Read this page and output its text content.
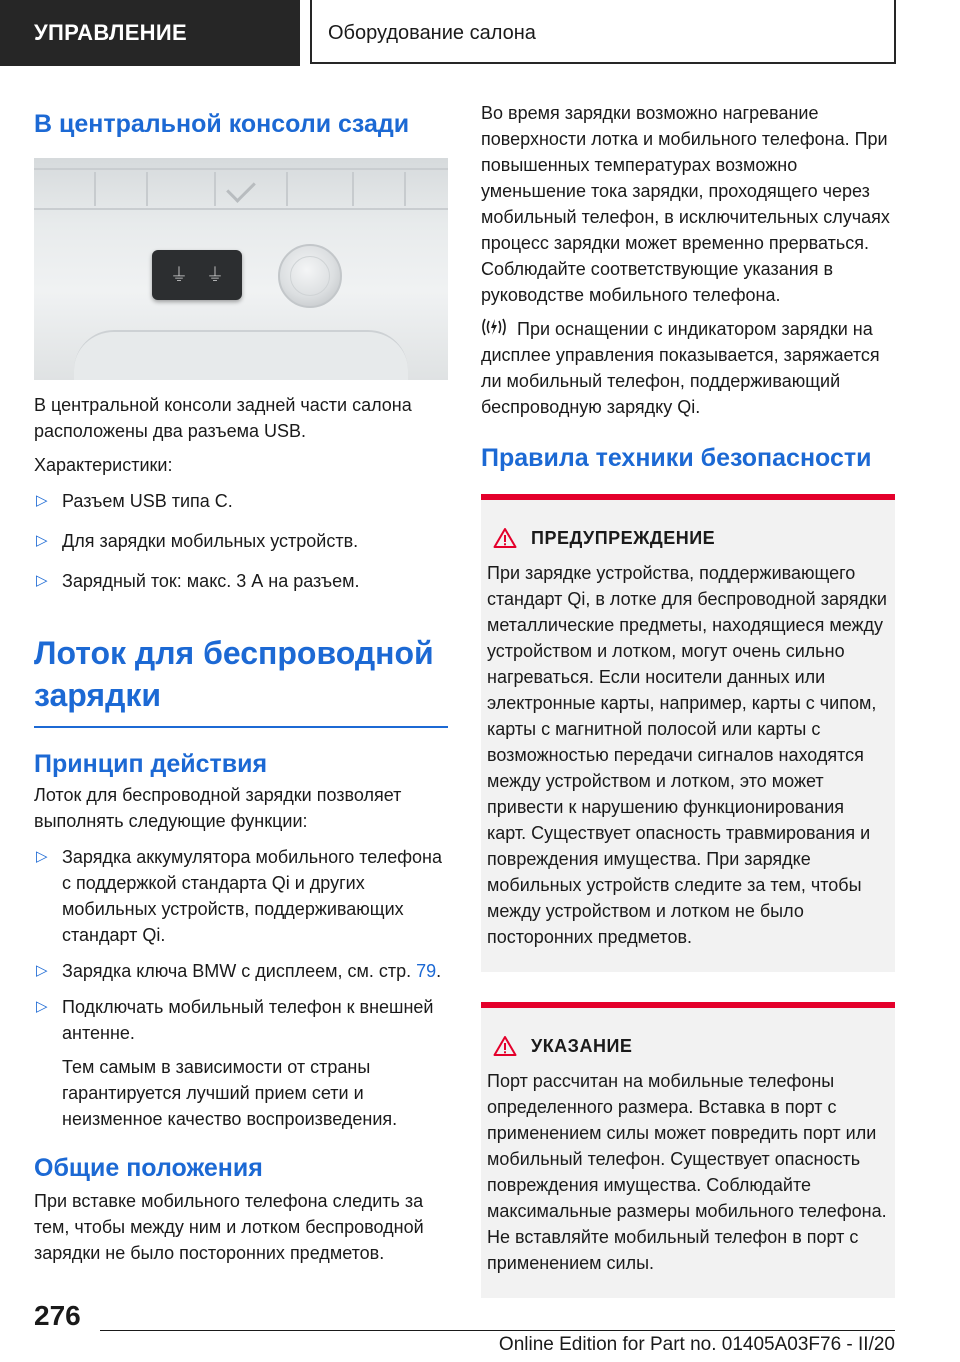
УПРАВЛЕНИЕ	Оборудование салона
В центральной консоли сзади
⏚ ⏚

В центральной консоли задней части салона расположены два разъема USB.

Характеристики:

▷ Разъем USB типа С.
▷ Для зарядки мобильных устройств.
▷ Зарядный ток: макс. 3 А на разъем.
Лоток для беспроводной зарядки
Принцип действия

Лоток для беспроводной зарядки позволяет выполнять следующие функции:

▷ Зарядка аккумулятора мобильного телефона с поддержкой стандарта Qi и других мобильных устройств, поддерживающих стандарт Qi.
▷ Зарядка ключа BMW с дисплеем, см. стр. 79.
▷ Подключать мобильный телефон к внешней антенне.
Тем самым в зависимости от страны гарантируется лучший прием сети и неизменное качество воспроизведения.
Общие положения

При вставке мобильного телефона следить за тем, чтобы между ним и лотком беспроводной зарядки не было посторонних предметов.

Во время зарядки возможно нагревание поверхности лотка и мобильного телефона. При повышенных температурах возможно уменьшение тока зарядки, проходящего через мобильный телефон, в исключительных случаях процесс зарядки может временно прерваться. Соблюдайте соответствующие указания в руководстве мобильного телефона.

При оснащении с индикатором зарядки на дисплее управления показывается, заряжается ли мобильный телефон, поддерживающий беспроводную зарядку Qi.

Правила техники безопасности
ПРЕДУПРЕЖДЕНИЕ

При зарядке устройства, поддерживающего стандарт Qi, в лотке для беспроводной зарядки металлические предметы, находящиеся между устройством и лотком, могут очень сильно нагреваться. Если носители данных или электронные карты, например, карты с чипом, карты с магнитной полосой или карты с возможностью передачи сигналов находятся между устройством и лотком, это может привести к нарушению функционирования карт. Существует опасность травмирования и повреждения имущества. При зарядке мобильных устройств следите за тем, чтобы между устройством и лотком не было посторонних предметов.

УКАЗАНИЕ

Порт рассчитан на мобильные телефоны определенного размера. Вставка в порт с применением силы может повредить порт или мобильный телефон. Существует опасность повреждения имущества. Соблюдайте максимальные размеры мобильного телефона. Не вставляйте мобильный телефон в порт с применением силы.

276
Online Edition for Part no. 01405A03F76 - II/20
